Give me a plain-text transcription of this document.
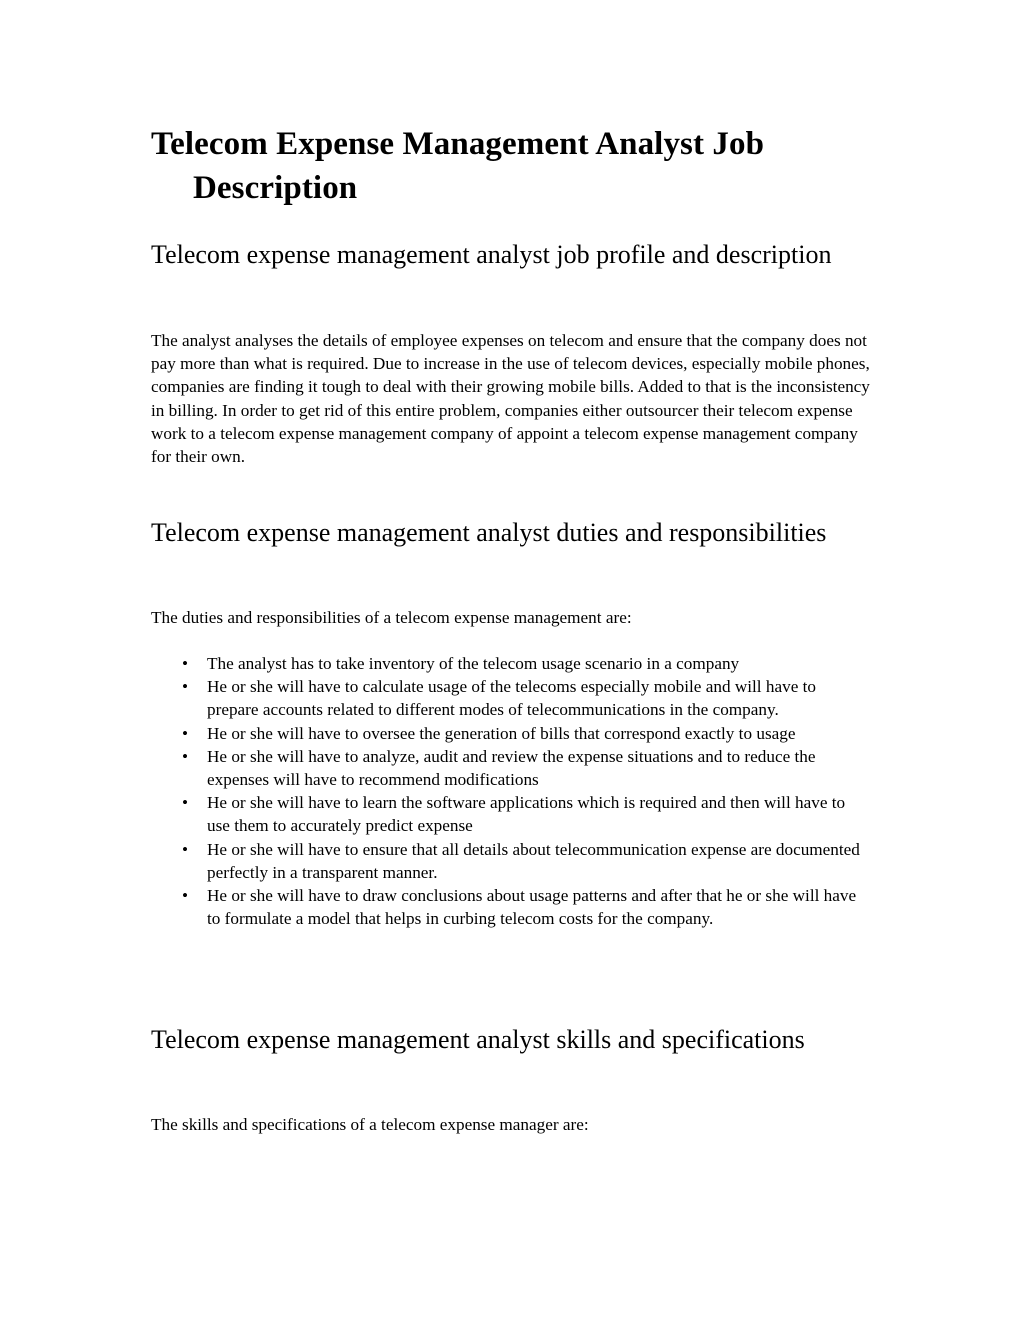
Telecom Expense Management Analyst Job Description
Telecom expense management analyst job profile and description

The analyst analyses the details of employee expenses on telecom and ensure that the company does not pay more than what is required. Due to increase in the use of telecom devices, especially mobile phones, companies are finding it tough to deal with their growing mobile bills. Added to that is the inconsistency in billing. In order to get rid of this entire problem, companies either outsourcer their telecom expense work to a telecom expense management company of appoint a telecom expense management company for their own.

Telecom expense management analyst duties and responsibilities

The duties and responsibilities of a telecom expense management are:

• The analyst has to take inventory of the telecom usage scenario in a company
• He or she will have to calculate usage of the telecoms especially mobile and will have to prepare accounts related to different modes of telecommunications in the company.
• He or she will have to oversee the generation of bills that correspond exactly to usage
• He or she will have to analyze, audit and review the expense situations and to reduce the expenses will have to recommend modifications
• He or she will have to learn the software applications which is required and then will have to use them to accurately predict expense
• He or she will have to ensure that all details about telecommunication expense are documented perfectly in a transparent manner.
• He or she will have to draw conclusions about usage patterns and after that he or she will have to formulate a model that helps in curbing telecom costs for the company.
Telecom expense management analyst skills and specifications

The skills and specifications of a telecom expense manager are:
